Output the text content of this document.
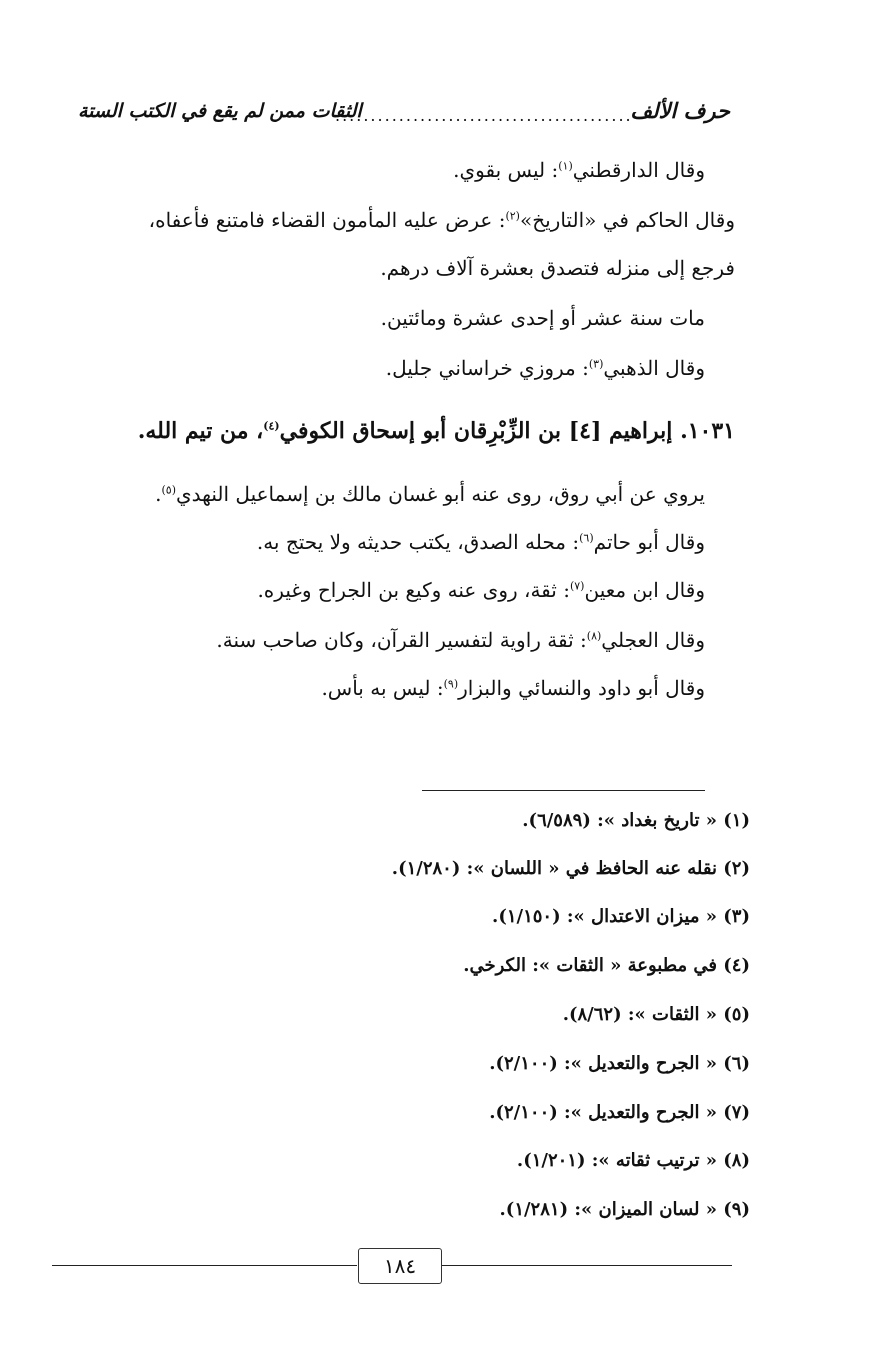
حرف الألف
..........................................
الثقات ممن لم يقع في الكتب الستة
وقال الدارقطني$^{(١)}$: ليس بقوي.
وقال الحاكم في «التاريخ»$^{(٢)}$: عرض عليه المأمون القضاء فامتنع فأعفاه،
فرجع إلى منزله فتصدق بعشرة آلاف درهم.
مات سنة عشر أو إحدى عشرة ومائتين.
وقال الذهبي$^{(٣)}$: مروزي خراساني جليل.
١٠٣١. إبراهيم [٤] بن الزِّبْرِقان أبو إسحاق الكوفي$^{(٤)}$، من تيم الله.
يروي عن أبي روق، روى عنه أبو غسان مالك بن إسماعيل النهدي$^{(٥)}$.
وقال أبو حاتم$^{(٦)}$: محله الصدق، يكتب حديثه ولا يحتج به.
وقال ابن معين$^{(٧)}$: ثقة، روى عنه وكيع بن الجراح وغيره.
وقال العجلي$^{(٨)}$: ثقة راوية لتفسير القرآن، وكان صاحب سنة.
وقال أبو داود والنسائي والبزار$^{(٩)}$: ليس به بأس.
(١) « تاريخ بغداد »: (٦/٥٨٩).
(٢) نقله عنه الحافظ في « اللسان »: (١/٢٨٠).
(٣) « ميزان الاعتدال »: (١/١٥٠).
(٤) في مطبوعة « الثقات »: الكرخي.
(٥) « الثقات »: (٨/٦٢).
(٦) « الجرح والتعديل »: (٢/١٠٠).
(٧) « الجرح والتعديل »: (٢/١٠٠).
(٨) « ترتيب ثقاته »: (١/٢٠١).
(٩) « لسان الميزان »: (١/٢٨١).
١٨٤
